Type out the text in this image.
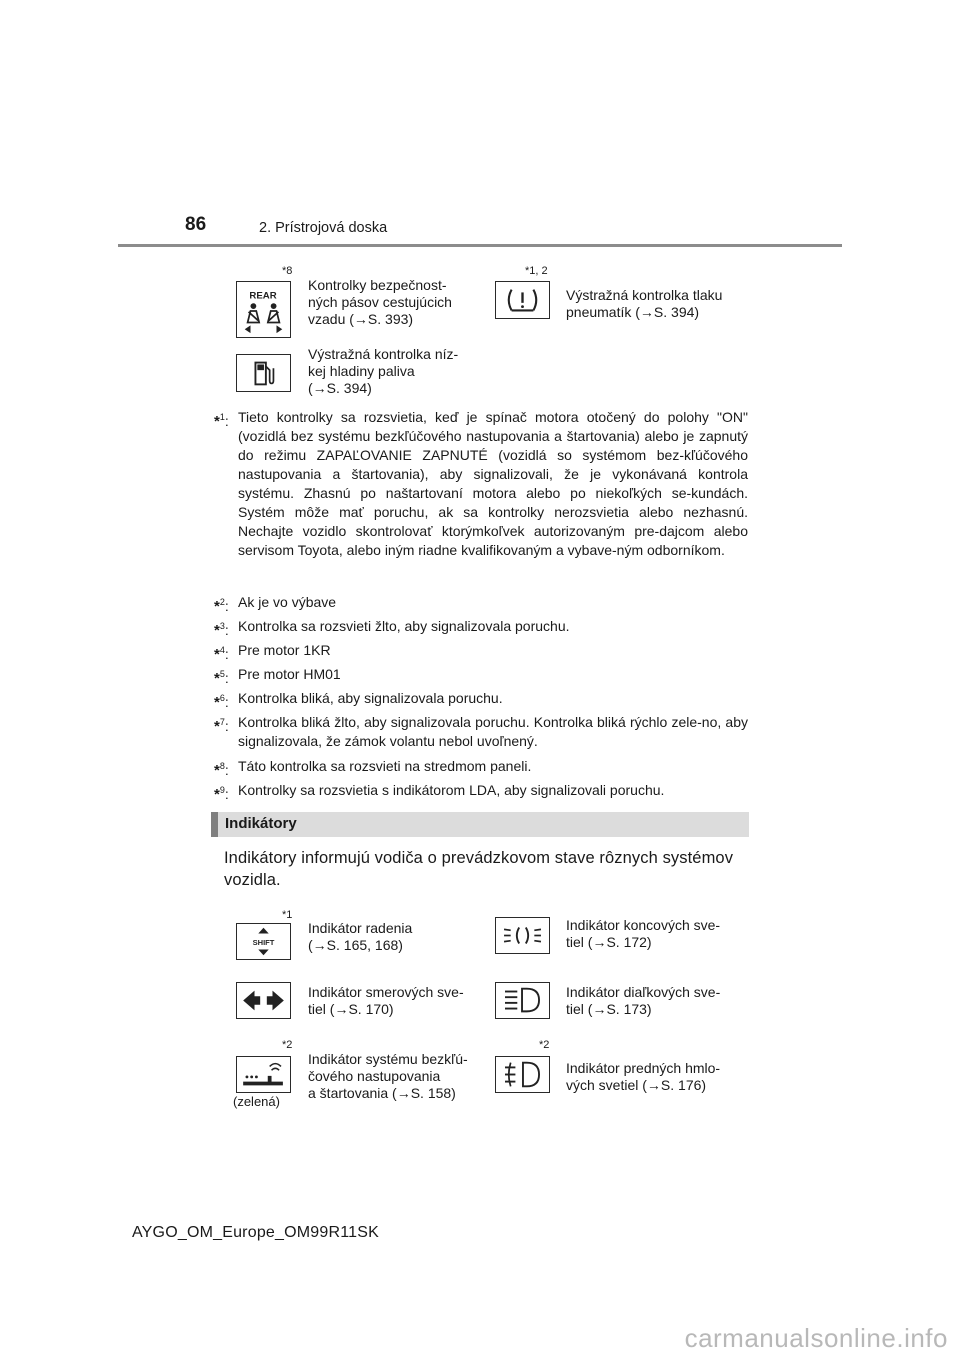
86	2. Prístrojová doska
*8
REAR
Kontrolky bezpečnost-
ných pásov cestujúcich
vzadu (→S. 393)
*1, 2
Výstražná kontrolka tlaku
pneumatík (→S. 394)
Výstražná kontrolka níz-
kej hladiny paliva
(→S. 394)
*$^1$: Tieto kontrolky sa rozsvietia, keď je spínač motora otočený do polohy "ON" (vozidlá bez systému bezkľúčového nastupovania a štartovania) alebo je zapnutý do režimu ZAPAĽOVANIE ZAPNUTÉ (vozidlá so systémom bez-kľúčového nastupovania a štartovania), aby signalizovali, že je vykonávaná kontrola systému. Zhasnú po naštartovaní motora alebo po niekoľkých se-kundách. Systém môže mať poruchu, ak sa kontrolky nerozsvietia alebo nezhasnú. Nechajte vozidlo skontrolovať ktorýmkoľvek autorizovaným pre-dajcom alebo servisom Toyota, alebo iným riadne kvalifikovaným a vybave-ným odborníkom.
*$^2$: Ak je vo výbave
*$^3$: Kontrolka sa rozsvieti žlto, aby signalizovala poruchu.
*$^4$: Pre motor 1KR
*$^5$: Pre motor HM01
*$^6$: Kontrolka bliká, aby signalizovala poruchu.
*$^7$: Kontrolka bliká žlto, aby signalizovala poruchu. Kontrolka bliká rýchlo zele-no, aby signalizovala, že zámok volantu nebol uvoľnený.
*$^8$: Táto kontrolka sa rozsvieti na stredmom paneli.
*$^9$: Kontrolky sa rozsvietia s indikátorom LDA, aby signalizovali poruchu.
Indikátory
Indikátory informujú vodiča o prevádzkovom stave rôznych systémov vozidla.
*1
SHIFT
Indikátor radenia
(→S. 165, 168)
Indikátor koncových sve-
tiel (→S. 172)
Indikátor smerových sve-
tiel (→S. 170)
Indikátor diaľkových sve-
tiel (→S. 173)
*2
(zelená)
Indikátor systému bezkľú-
čového nastupovania
a štartovania (→S. 158)
*2
Indikátor predných hmlo-
vých svetiel (→S. 176)
AYGO_OM_Europe_OM99R11SK
carmanualsonline.info
